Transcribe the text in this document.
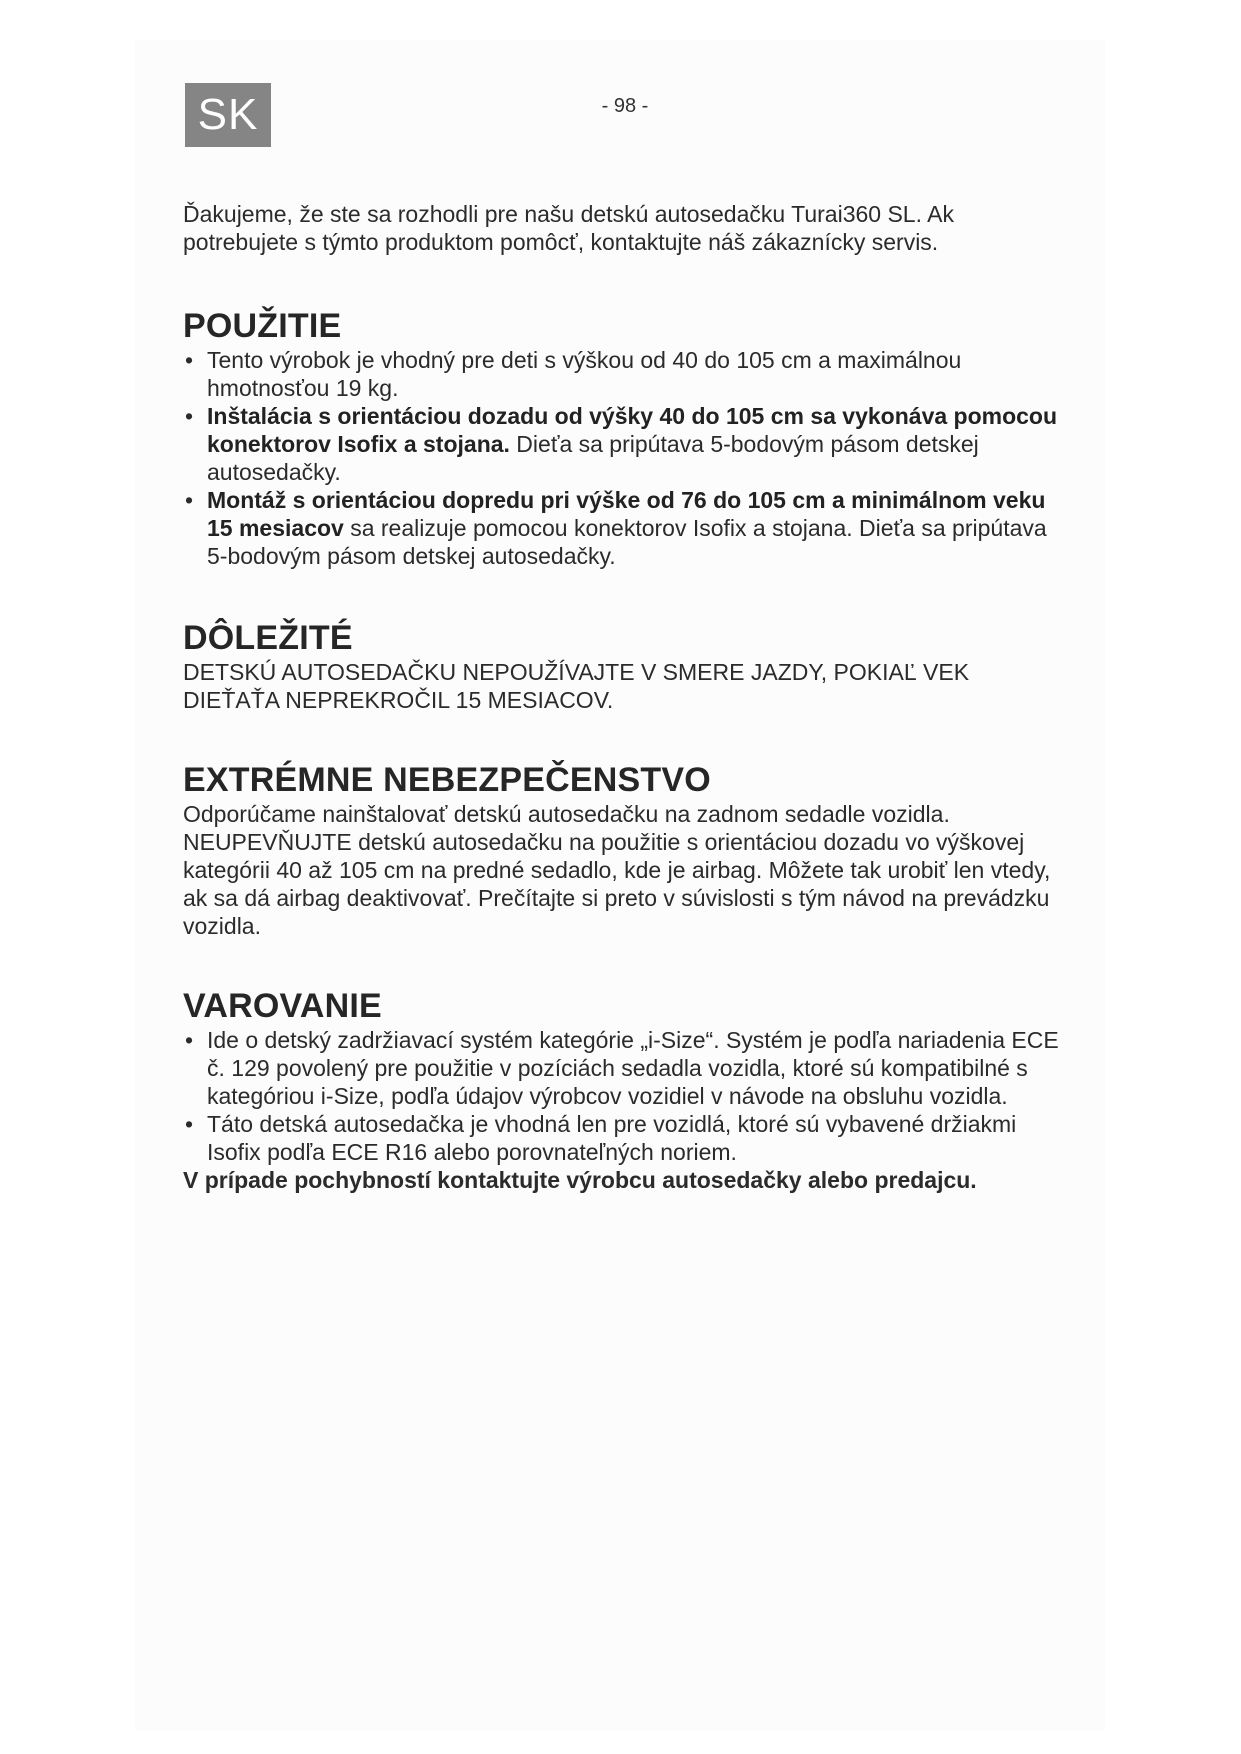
SK	- 98 -

Ďakujeme, že ste sa rozhodli pre našu detskú autosedačku Turai360 SL. Ak potrebujete s týmto produktom pomôcť, kontaktujte náš zákaznícky servis.

POUŽITIE
• Tento výrobok je vhodný pre deti s výškou od 40 do 105 cm a maximálnou hmotnosťou 19 kg.
• Inštalácia s orientáciou dozadu od výšky 40 do 105 cm sa vykonáva pomocou konektorov Isofix a stojana. Dieťa sa pripútava 5-bodovým pásom detskej autosedačky.
• Montáž s orientáciou dopredu pri výške od 76 do 105 cm a minimálnom veku 15 mesiacov sa realizuje pomocou konektorov Isofix a stojana. Dieťa sa pripútava 5-bodovým pásom detskej autosedačky.
DÔLEŽITÉ

DETSKÚ AUTOSEDAČKU NEPOUŽÍVAJTE V SMERE JAZDY, POKIAĽ VEK DIEŤAŤA NEPREKROČIL 15 MESIACOV.

EXTRÉMNE NEBEZPEČENSTVO

Odporúčame nainštalovať detskú autosedačku na zadnom sedadle vozidla. NEUPEVŇUJTE detskú autosedačku na použitie s orientáciou dozadu vo výškovej kategórii 40 až 105 cm na predné sedadlo, kde je airbag. Môžete tak urobiť len vtedy, ak sa dá airbag deaktivovať. Prečítajte si preto v súvislosti s tým návod na prevádzku vozidla.

VAROVANIE
• Ide o detský zadržiavací systém kategórie „i-Size“. Systém je podľa nariadenia ECE č. 129 povolený pre použitie v pozíciách sedadla vozidla, ktoré sú kompatibilné s kategóriou i-Size, podľa údajov výrobcov vozidiel v návode na obsluhu vozidla.
• Táto detská autosedačka je vhodná len pre vozidlá, ktoré sú vybavené držiakmi Isofix podľa ECE R16 alebo porovnateľných noriem.

V prípade pochybností kontaktujte výrobcu autosedačky alebo predajcu.
